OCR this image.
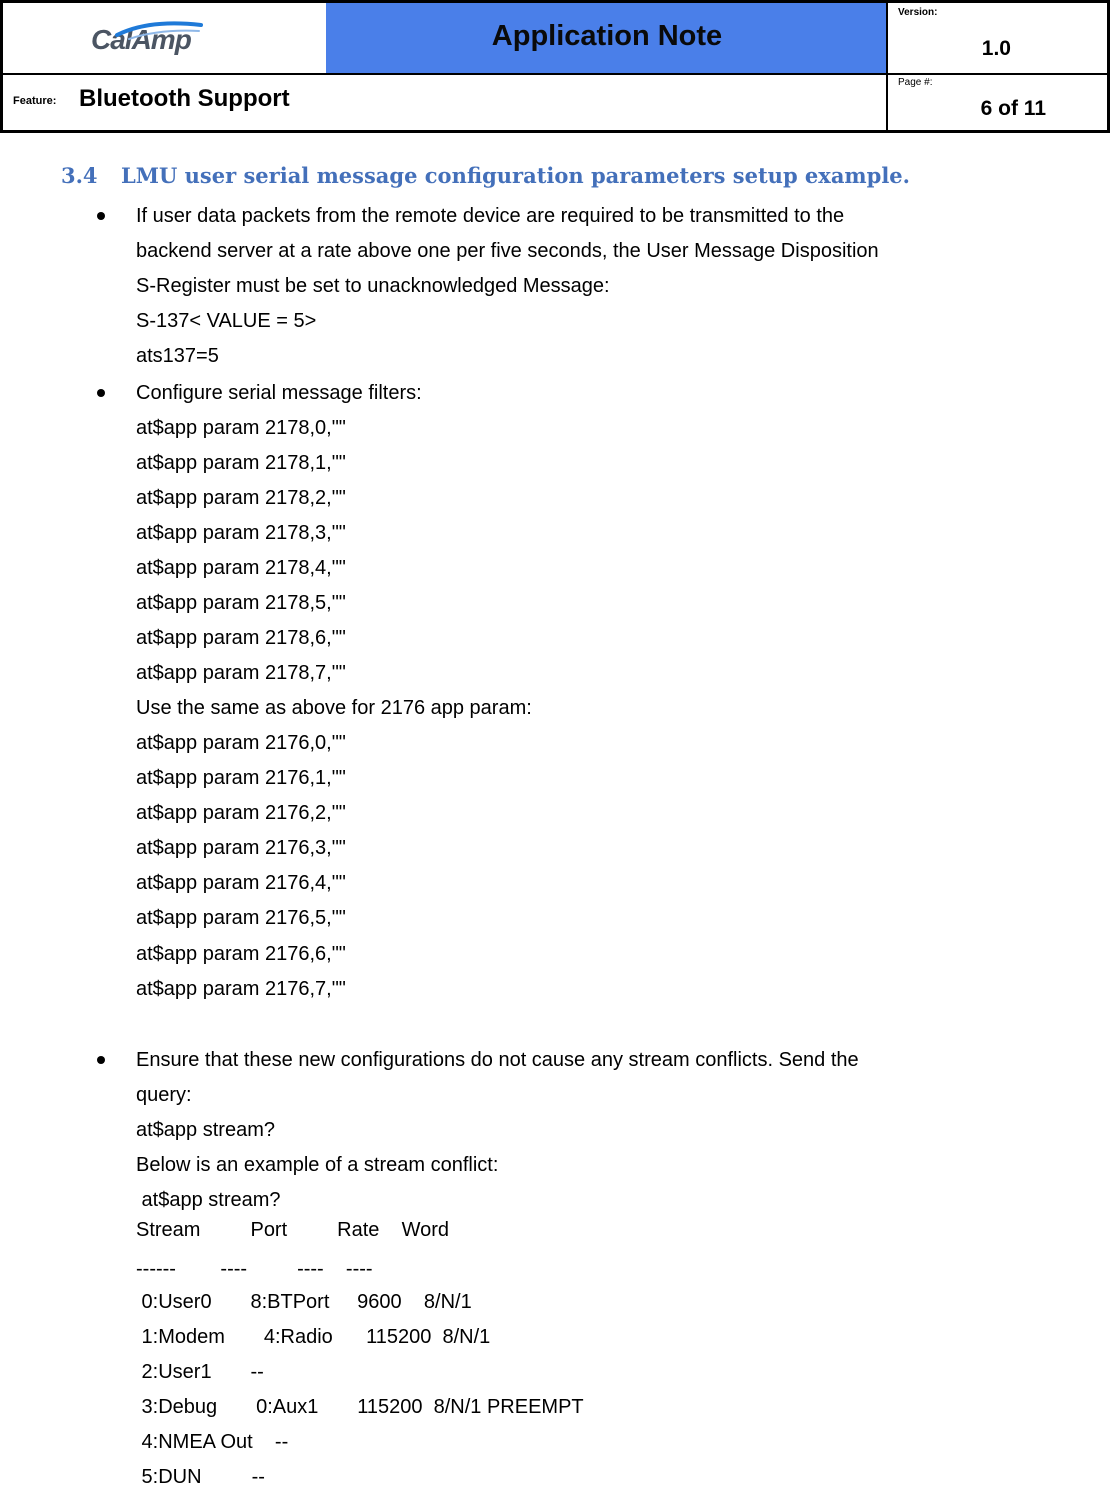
CalAmp	Application Note
Version:
1.0
Feature: Bluetooth Support
Page #:
6 of 11
3.4 LMU user serial message configuration parameters setup example.
If user data packets from the remote device are required to be transmitted to the
backend server at a rate above one per five seconds, the User Message Disposition
S-Register must be set to unacknowledged Message:
S-137< VALUE = 5>
ats137=5
Configure serial message filters:
at$app param 2178,0,""
at$app param 2178,1,""
at$app param 2178,2,""
at$app param 2178,3,""
at$app param 2178,4,""
at$app param 2178,5,""
at$app param 2178,6,""
at$app param 2178,7,""
Use the same as above for 2176 app param:
at$app param 2176,0,""
at$app param 2176,1,""
at$app param 2176,2,""
at$app param 2176,3,""
at$app param 2176,4,""
at$app param 2176,5,""
at$app param 2176,6,""
at$app param 2176,7,""
Ensure that these new configurations do not cause any stream conflicts. Send the
query:
at$app stream?
Below is an example of a stream conflict:
at$app stream?
Stream         Port         Rate    Word
------        ----         ----    ----
0:User0       8:BTPort     9600    8/N/1
1:Modem       4:Radio      115200  8/N/1
2:User1       --
3:Debug       0:Aux1       115200  8/N/1 PREEMPT
4:NMEA Out    --
5:DUN         --
